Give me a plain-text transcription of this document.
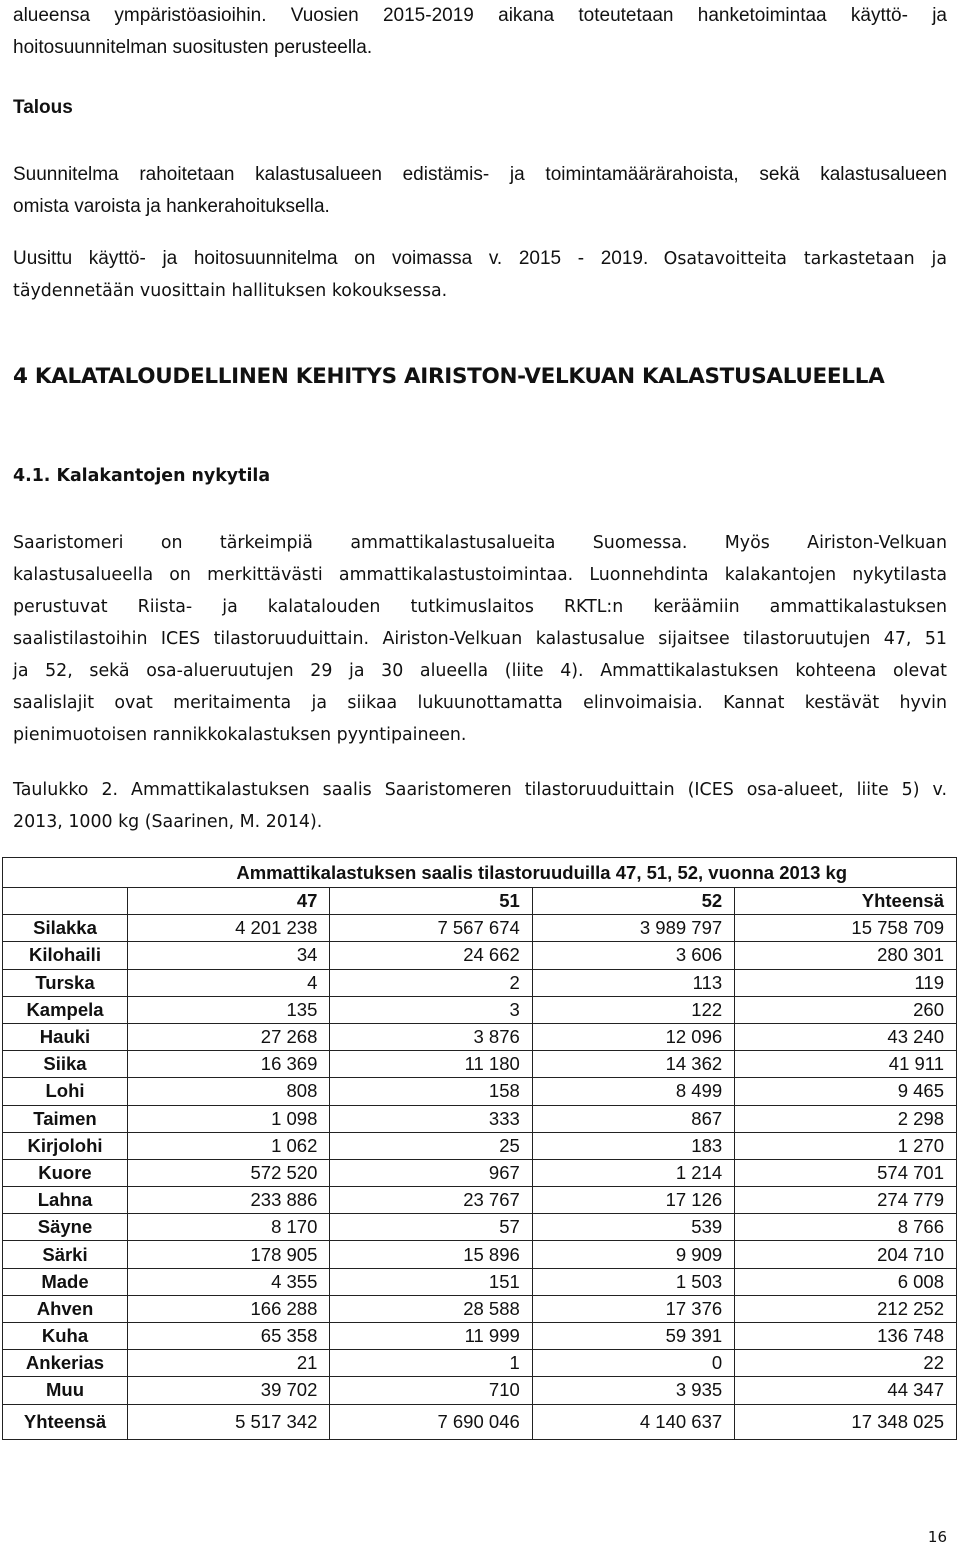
alueensa ympäristöasioihin. Vuosien 2015-2019 aikana toteutetaan hanketoimintaa käyttö- ja
hoitosuunnitelman suositusten perusteella.

Talous

Suunnitelma rahoitetaan kalastusalueen edistämis- ja toimintamäärärahoista, sekä kalastusalueen
omista varoista ja hankerahoituksella.

Uusittu käyttö- ja hoitosuunnitelma on voimassa v. 2015 - 2019. Osatavoitteita tarkastetaan ja
täydennetään vuosittain hallituksen kokouksessa.

4 KALATALOUDELLINEN KEHITYS AIRISTON-VELKUAN KALASTUSALUEELLA
4.1. Kalakantojen nykytila

Saaristomeri on tärkeimpiä ammattikalastusalueita Suomessa. Myös Airiston-Velkuan
kalastusalueella on merkittävästi ammattikalastustoimintaa. Luonnehdinta kalakantojen nykytilasta
perustuvat Riista- ja kalatalouden tutkimuslaitos RKTL:n keräämiin ammattikalastuksen
saalistilastoihin ICES tilastoruuduittain. Airiston-Velkuan kalastusalue sijaitsee tilastoruutujen 47, 51
ja 52, sekä osa-alueruutujen 29 ja 30 alueella (liite 4). Ammattikalastuksen kohteena olevat
saalislajit ovat meritaimenta ja siikaa lukuunottamatta elinvoimaisia. Kannat kestävät hyvin
pienimuotoisen rannikkokalastuksen pyyntipaineen.

Taulukko 2. Ammattikalastuksen saalis Saaristomeren tilastoruuduittain (ICES osa-alueet, liite 5) v.
2013, 1000 kg (Saarinen, M. 2014).

	Ammattikalastuksen saalis tilastoruuduilla 47, 51, 52, vuonna 2013 kg			
	47	51	52	Yhteensä
Silakka	4 201 238	7 567 674	3 989 797	15 758 709
Kilohaili	34	24 662	3 606	280 301
Turska	4	2	113	119
Kampela	135	3	122	260
Hauki	27 268	3 876	12 096	43 240
Siika	16 369	11 180	14 362	41 911
Lohi	808	158	8 499	9 465
Taimen	1 098	333	867	2 298
Kirjolohi	1 062	25	183	1 270
Kuore	572 520	967	1 214	574 701
Lahna	233 886	23 767	17 126	274 779
Säyne	8 170	57	539	8 766
Särki	178 905	15 896	9 909	204 710
Made	4 355	151	1 503	6 008
Ahven	166 288	28 588	17 376	212 252
Kuha	65 358	11 999	59 391	136 748
Ankerias	21	1	0	22
Muu	39 702	710	3 935	44 347
Yhteensä	5 517 342	7 690 046	4 140 637	17 348 025
16
